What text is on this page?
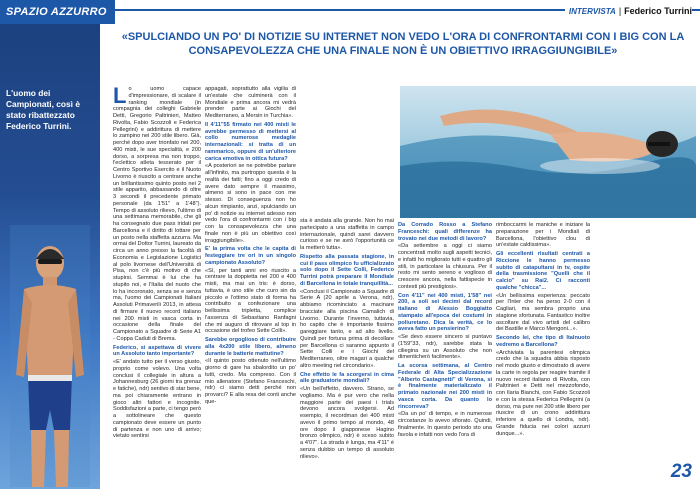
L'uomo dei Campionati, così è stato ribattezzato Federico Turrini.
SPAZIO AZZURRO	INTERVISTA | Federico Turrini
«SPULCIANDO UN PO' DI NOTIZIE SU INTERNET NON VEDO L'ORA DI CONFRONTARMI CON I BIG CON LA CONSAPEVOLEZZA CHE UNA FINALE NON È UN OBIETTIVO IRRAGGIUNGIBILE»

Lo uomo capace d'impressionare, di scalare il ranking mondiale (in compagnia dei colleghi Gabriele Detti, Gregorio Paltrinieri, Matteo Rivolta, Fabio Scozzoli e Federica Pellegrini) e addirittura di mettere lo zampino nei 200 stile libero. Già, perché dopo aver trionfato nei 200, 400 misti, le sue specialità, e 200 dorso, a sorpresa ma non troppo, l'eclettico atleta tesserato per il Centro Sportivo Esercito e il Nuoto Livorno è riuscito a centrare anche un brillantissimo quinto posto nei 2 stile apparito, abbassando di oltre 3 secondi il precedente primato personale (da 1'51" a 1'48"). Tempo di assoluto rilievo, l'ultimo di una settimana memorabile, che gli ha consegnato due pass iridati per Barcellona e il diritto di lottare per un posto nella staffetta azzurra. Ma ormai del Dottor Turrini, laureato da circa un anno presso la facoltà di Economia e Legislazione Logistici al polo livornese dell'Università di Pisa, non c'è più motivo di che stupirsi. Semmai è lui che ha stupito noi, e l'Italia del nuoto che lo ha incoronato, senza se e senza ma, l'uomo dei Campionati Italiani Assoluti Primaverili 2013, in attesa di firmare il nuovo record italiano nei 200 misti in vasca corta in occasione della finale del Campionato a Squadre di Serie A1 - Coppa Caduti di Brema.

Federico, si aspettava di vivere un Assoluto tanto importante?
«E' andato tutto per il verso giusto, proprio come volevo. Una volta conclusi il collegiale in altura a Johannesburg (26 giorni tra grenaz e fatiche), ndr) sentivo di star bene, ma poi chiaramente entrano in gioco altri fattori e incognite. Soddisfazioni a parte, ci tengo però a sottolineare che questo campionato deve essere un punto di partenza e non uno di arrivo; vietato sentirsi

appagati, soprattutto alla vigilia di un'estate che culminerà con il Mondiale e prima ancora mi vedrà prender parte ai Giochi del Mediterraneo, a Mersin in Turchia».

Il 4'11"55 firmato nei 400 misti le avrebbe permesso di mettersi al collo numerose medaglie internazionali: si tratta di un rammarico, oppure di un'ulteriore carica emotiva in ottica futura?
«A posteriori se ne potrebbe parlare all'infinito, ma purtroppo questa è la realtà dei fatti; fino a oggi credo di avere dato sempre il massimo, almeno si sono in pace con me stesso. Di conseguenza non ho alcun rimpianto, anzi, spulciando un po' di notizie su internet adesso non vedo l'ora di confrontarmi con i big con la consapevolezza che una finale non è più un obiettivo così irraggiungibile».

E' la prima volta che le capita di festeggiare tre ori in un singolo campionato Assoluto?
«Sì, per tanti anni ero riuscito a centrare la doppietta nei 200 e 400 misti, ma mai un tris: è dorso, tuttavia, è uno stile che curo sin da piccolo e l'ottimo stato di forma ha contribuito a confezionare una bellissima tripletta, complice l'assenza di Sebastiano Ranfagni che mi auguro di ritrovare al top in occasione del trofeo Sette Colli».

Sarebbe orgoglioso di contribuire alla 4x200 stile libero, almeno durante le batterie mattutine?
«Il quinto posto ottenuto nell'ultimo giorno di gare ha sbalordito un po' tutti, credo. Ma compreso. Con il mio allenatore (Stefano Franceschi, ndr) ci siamo detti perché non provarci? E alla resa dei conti anche que-

sta è andata alla grande. Non ho mai partecipato a una staffetta in campo internazionale, quindi sarei davvero curioso e se ne avrò l'opportunità ce la metterò tutta».

Rispetto alla passata stagione, in cui il pass olimpico fu ufficializzato solo dopo il Sette Colli, Federico Turrini potrà preparare il Mondiale di Barcellona in totale tranquillità...
«Conclusi il Campionato a Squadre di Serie A (20 aprile a Verona, ndr), abbiamo ricominciato a macinare bracciate alla piscina Camalich di Livorno. Durante l'inverno, tuttavia, ho capito che è importante fissimo gareggiare tanto, e ad alto livello. Quindi per fortuna prima di decollare per Barcellona ci saranno appunto il Sette Colli e i Giochi del Mediterraneo, oltre magari a qualche altro meeting nel circondario».

Che effetto le fa scorgersi in cima alle graduatorie mondiali?
«Un bell'effetto, davvero. Strano, se vogliamo. Ma è pur vero che nella maggiore parte dei paesi i trials devono ancora svolgersi. Ad esempio, il recordman dei 400 misti avevo il primo tempo al mondo, 48 ore dopo il giapponese Hagino bronzo olimpico, ndr) è sceso subito a 4'07". La strada è lunga, ma 4'11" è senza dubbio un tempo di assoluto rilievo».

Da Corrado Rosso a Stefano Franceschi: quali differenze ha trovato nei due metodi di lavoro?
«Da settembre a oggi ci siamo concentrati molto sugli aspetti tecnici, e infatti ho migliorato tutti e quattro gli stili, in particolare la chiusura. Per il resto mi sento sereno e voglioso di crescere ancora, nella fattispecie in contesti più prestigiosi».

Con 4'11" nei 400 misti, 1'58" nei 200, a soli sei decimi dal record italiano di Alessio Boggiatto stampato all'epoca dei costumi in poliuretano. Dica la verità, ce lo aveva fatto un pensierino?
«Se devo essere sincero si puntavo (1'59"33, ndr), sarebbe stata la ciliegina su un Assoluto che non dimenticherò facilmente».

La scorsa settimana, al Centro Federale di Alta Specializzazione "Alberto Castagnetti" di Verona, si è finalmente materializzato il primato nazionale nei 200 misti in vasca corta. Da quanto lo rincorreva?
«Da un po' di tempo, e in numerose circostanze lo avevo sfiorato. Quindi, finalmente. In questo periodo sto una favola e infatti non vedo l'ora di

rimboccarmi le maniche e iniziare la preparazione per i Mondiali di Barcellona, l'obiettivo clou di un'estate caldissima».

Gli eccellenti risultati centrati a Riccione le hanno permesso subito di catapultarsi in tv, ospite della trasmissione "Quelli che il calcio" su Rai2. Ci racconti qualche "chicca"...
«Un bellissima esperienza: peccato per l'Inter che ha perso 2-0 con il Cagliari, ma sembra proprio una stagione sfortunata. Fantastico inoltre ascoltare dal vivo artisti del calibro dei Bastille e Marco Mengoni...».

Secondo lei, che tipo di Italnuoto vedremo a Barcellona?
«Archiviata la parentesi olimpica credo che la squadra abbia risposto nel modo giusto e dimostrato di avere la carte in regola per reagire tramite il nuovo record italiano di Rivolta, con Paltrinieri e Detti nel mezzofondo, con Ilaria Bianchi, con Fabio Scozzoli e con la stessa Federica Pellegrini (a dorso, ma pure nei 200 stile libero per riuscire di un crono addirittura inferiore a quello di Londra, ndr). Grande fiducia nei colori azzurri dunque...».

23
